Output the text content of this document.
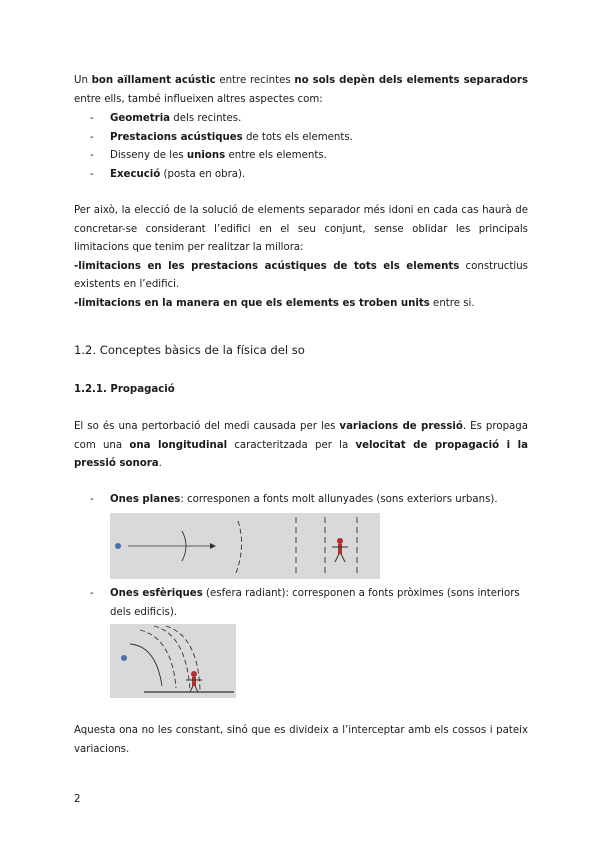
Un bon aïllament acústic entre recintes no sols depèn dels elements separadors entre ells, també influeixen altres aspectes com:

- Geometria dels recintes.
- Prestacions acústiques de tots els elements.
- Disseny de les unions entre els elements.
- Execució (posta en obra).

Per això, la elecció de la solució de elements separador més idoni en cada cas haurà de concretar-se considerant l’edifici en el seu conjunt, sense oblidar les principals limitacions que tenim per realitzar la millora:
-limitacions en les prestacions acústiques de tots els elements constructius existents en l’edifici.
-limitacions en la manera en que els elements es troben units entre si.

1.2. Conceptes bàsics de la física del so
1.2.1. Propagació

El so és una pertorbació del medi causada per les variacions de pressió. Es propaga com una ona longitudinal caracteritzada per la velocitat de propagació i la pressió sonora.

- Ones planes: corresponen a fonts molt allunyades (sons exteriors urbans).
- Ones esfèriques (esfera radiant): corresponen a fonts pròximes (sons interiors dels edificis).

Aquesta ona no les constant, sinó que es divideix a l’interceptar amb els cossos i pateix variacions.

2
